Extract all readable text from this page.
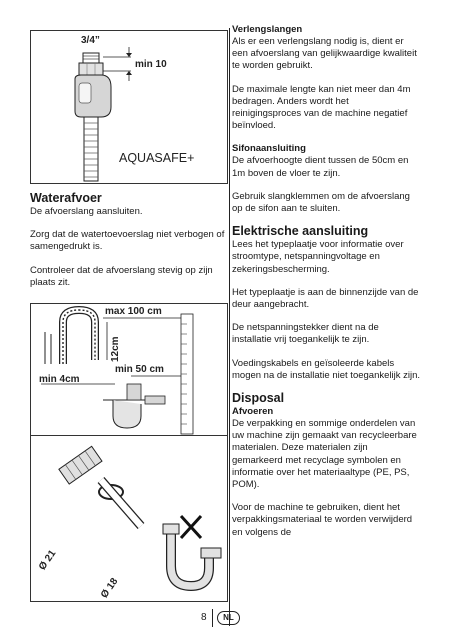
3/4”
min 10
AQUASAFE+
Waterafvoer

De afvoerslang aansluiten.

Zorg dat de watertoevoerslag niet verbogen of samengedrukt is.

Controleer dat de afvoerslang stevig op zijn plaats zit.

max 100 cm
12cm
min 50 cm
min 4cm
Ø 21
Ø 18
Verlengslangen

Als er een verlengslang nodig is, dient er een afvoerslang van gelijkwaardige kwaliteit te worden gebruikt.

De maximale lengte kan niet meer dan 4m bedragen. Anders wordt het reinigingsproces van de machine negatief beïnvloed.

Sifonaansluiting

De afvoerhoogte dient tussen de 50cm en 1m boven de vloer te zijn.

Gebruik slangklemmen om de afvoerslang op de sifon aan te sluiten.

Elektrische aansluiting

Lees het typeplaatje voor informatie over stroomtype, netspanningvoltage en zekeringsbescherming.

Het typeplaatje is aan de binnenzijde van de deur aangebracht.

De netspanningstekker dient na de installatie vrij toegankelijk te zijn.

Voedingskabels en geïsoleerde kabels mogen na de installatie niet toegankelijk zijn.

Disposal
Afvoeren

De verpakking en sommige onderdelen van uw machine zijn gemaakt van recycleerbare materialen. Deze materialen zijn gemarkeerd met recyclage symbolen en informatie over het materiaaltype (PE, PS, POM).

Voor de machine te gebruiken, dient het verpakkingsmateriaal te worden verwijderd en volgens de

8	NL
